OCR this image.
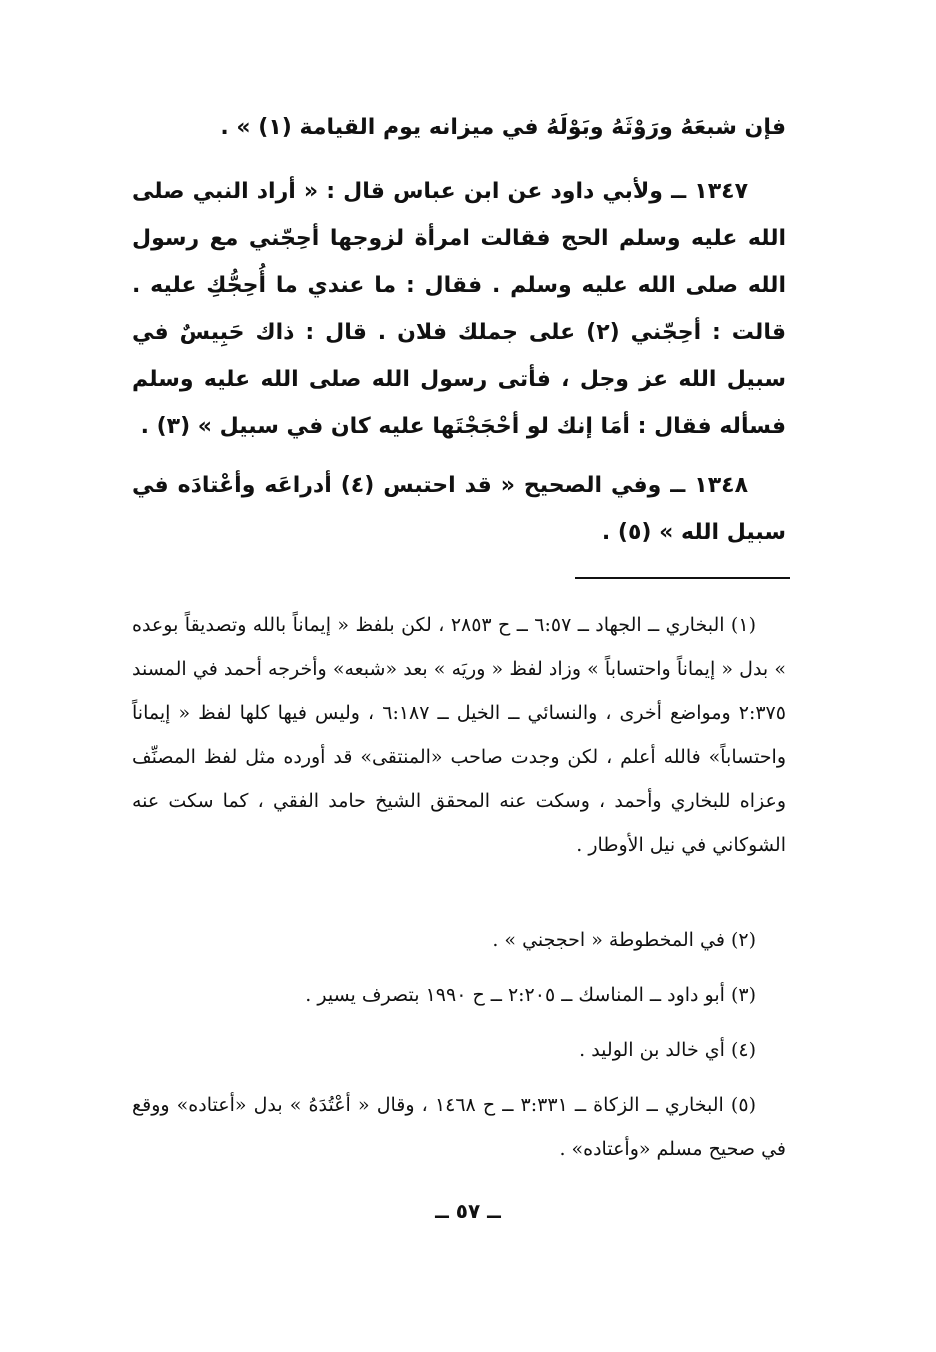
فإن شبعَهُ ورَوْثَهُ وبَوْلَهُ في ميزانه يوم القيامة (١) » .

١٣٤٧ ــ ولأبي داود عن ابن عباس قال : « أراد النبي صلى الله عليه وسلم الحج فقالت امرأة لزوجها أحِجّني مع رسول الله صلى الله عليه وسلم . فقال : ما عندي ما أُحِجُّكِ عليه . قالت : أحِجّني (٢) على جملك فلان . قال : ذاك حَبِيسٌ في سبيل الله عز وجل ، فأتى رسول الله صلى الله عليه وسلم فسأله فقال : أمَا إنك لو أحْجَجْتَها عليه كان في سبيل » (٣) .

١٣٤٨ ــ وفي الصحيح « قد احتبس (٤) أدراعَه وأعْتادَه في سبيل الله » (٥) .

(١) البخاري ــ الجهاد ــ ٦:٥٧ ــ ح ٢٨٥٣ ، لكن بلفظ « إيماناً بالله وتصديقاً بوعده » بدل « إيماناً واحتساباً » وزاد لفظ « وريَه » بعد «شبعه» وأخرجه أحمد في المسند ٢:٣٧٥ ومواضع أخرى ، والنسائي ــ الخيل ــ ٦:١٨٧ ، وليس فيها كلها لفظ « إيماناً واحتساباً» فالله أعلم ، لكن وجدت صاحب «المنتقى» قد أورده مثل لفظ المصنِّف وعزاه للبخاري وأحمد ، وسكت عنه المحقق الشيخ حامد الفقي ، كما سكت عنه الشوكاني في نيل الأوطار .

(٢) في المخطوطة « احججني » .

(٣) أبو داود ــ المناسك ــ ٢:٢٠٥ ــ ح ١٩٩٠ بتصرف يسير .

(٤) أي خالد بن الوليد .

(٥) البخاري ــ الزكاة ــ ٣:٣٣١ ــ ح ١٤٦٨ ، وقال « أعْتُدَهُ » بدل «أعتاده» ووقع في صحيح مسلم «وأعتاده» .

ــ ٥٧ ــ
